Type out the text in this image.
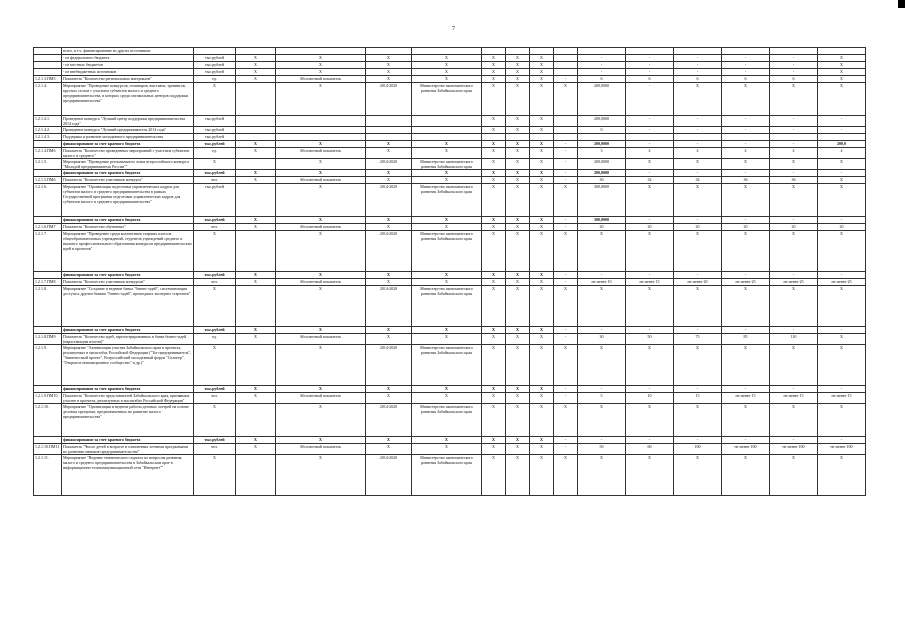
7
	всего, в т.ч. финансирование из других источников:															
	- из федерального бюджета	тыс.рублей	X	X	X	X	X	X	X		-	-	-	-	-	X
	- из местных бюджетов	тыс.рублей	X	X	X	X	X	X	X		-	-	-	-	-	X
	- из внебюджетных источников	тыс.рублей	X	X	X	X	X	X	X		-	-	-	-	-	X
1.2.1.3.ПМ5	Показатель "Количество региональных материалов"	ед.	X	Абсолютный показатель	X	X	X	X	X	-	6	6	6	6	6	X
1.2.1.4.	Мероприятие "Проведение конкурсов, семинаров, выставок, тренингов, круглых столов с участием субъектов малого и среднего предпринимательства, в которых среди оптимальных центров поддержки предпринимательства"	X		X	2014-2020	Министерство экономического развития Забайкальского края	X	X	X	X	200,0000	-	X	X	X	X
1.2.1.4.1.	Проведение конкурса "Лучший центр поддержки предпринимательства 2014 года"	тыс.рублей					X	X	X		200,0000	-	-	-	-	-
1.2.1.4.2.	Проведение конкурса "Лучший предприниматель 2014 года"	тыс.рублей					X	X	X		0	-	-	-	-	-
1.2.1.4.3.	Поддержка и развитие молодежного предпринимательства	тыс.рублей														
	финансирование за счет краевого бюджета	тыс.рублей	X	X	X	X	X	X	X	-	200,0000	-	-	-	-	200,0
1.2.1.4.ПМ6	Показатель "Количество проведенных мероприятий с участием субъектов малого и среднего"	ед.	X	Абсолютный показатель	X	X	X	X	X	-	3	4	4	4	4	4
1.2.1.5.	Мероприятие "Проведение регионального этапа всероссийского конкурса "Молодой предприниматель России""	X		X	2014-2020	Министерство экономического развития Забайкальского края	X	X	X	-	200,0000	X	X	X	X	X
	финансирование за счет краевого бюджета	тыс.рублей	X	X	X	X	X	X	X	-	200,0000	-	-	-	-	-
1.2.1.5.ПМ6	Показатель "Количество участников конкурса"	чел.	X	Абсолютный показатель	X	X	X	X	X	-	30	32	34	36	36	X
1.2.1.6.	Мероприятие "Организация подготовки управленческих кадров для субъектов малого и среднего предпринимательства в рамках Государственной программы подготовки управленческих кадров для субъектов малого и среднего предпринимательства"	тыс.рублей		X	2014-2020	Министерство экономического развития Забайкальского края	X	X	X	X	300,0000	X	X	X	X	X
	финансирование за счет краевого бюджета	тыс.рублей	X	X	X	X	X	X	X	-	300,0000	-	-	-	-	-
1.2.1.6.ПМ7	Показатель "Количество обученных"	чел.	X	Абсолютный показатель	X	X	X	X	X	-	20	20	20	20	20	20
1.2.1.7.	Мероприятие "Проведение среди коллективов старших классов общеобразовательных учреждений, студентов учреждений среднего и высшего профессионального образования конкурсов предпринимательских идей и проектов"	X		X	2014-2020	Министерство экономического развития Забайкальского края	X	X	X	X	X	X	X	X	X	X
	финансирование за счет краевого бюджета	тыс.рублей	X	X	X	X	X	X	X	-	-	-	-	-	-	-
1.2.1.7.ПМ8	Показатель "Количество участников конкурсов"	чел.	X	Абсолютный показатель	X	X	X	X	X	-	не менее 10	не менее 15	не менее 20	не менее 25	не менее 25	не менее 25
1.2.1.8.	Мероприятие "Создание и ведение банка "бизнес-идей", систематизация доступа к другим банкам "бизнес-идей", прошедших экспертиз стартапов"	X		X	2014-2020	Министерство экономического развития Забайкальского края	X	X	X	X	X	X	X	X	X	X
	финансирование за счет краевого бюджета	тыс.рублей	X	X	X	X	X	X	X	-	-	-	-	-	-	-
1.2.1.8.ПМ9	Показатель "Количество идей, зарегистрированных в банке бизнес-идей (нарастающим итогом)"	ед.	X	Абсолютный показатель	X	X	X	X	X	-	30	50	75	85	110	X
1.2.1.9.	Мероприятие "Активизация участия Забайкальского края в проектах, реализуемых в масштабах Российской Федерации ("Ты-предприниматель", "Знаменосный проект", Всероссийский молодежный форум "Селигер", "Открытое инновационное сообщество" и др.)"	X		X	2014-2020	Министерство экономического развития Забайкальского края	X	X	X	X	X	X	X	X	X	X
	финансирование за счет краевого бюджета	тыс.рублей	X	X	X	X	X	X	X	-	-	-	-	-	-	-
1.2.1.9.ПМ10	Показатель "Количество представителей Забайкальского края, принявших участие в проектах, реализуемых в масштабах Российской Федерации"	чел.	X	Абсолютный показатель	X	X	X	X	X	-	5	10	15	не менее 15	не менее 15	не менее 15
1.2.1.10.	Мероприятие "Организация и ведение работы деловых лотерей на основе деловых программ, предназначенных на развитие малого предпринимательства"	X		X	2014-2020	Министерство экономического развития Забайкальского края	X	X	X	X	X	X	X	X	X	X
	финансирование за счет краевого бюджета	тыс.рублей	X	X	X	X	X	X	X	-	-	-	-	-	-	-
1.2.1.10.ПМ11	Показатель "Число детей в возрасте и охваченных летними программами по развитию навыков предпринимательства"	чел.	X	Абсолютный показатель	X	X	X	X	X	-	50	60	100	не менее 100	не менее 100	не менее 100
1.2.1.11.	Мероприятие "Ведение тематического портала по вопросам развития малого и среднего предпринимательства в Забайкальском крае в информационно-телекоммуникационной сети "Интернет""	X		X	2014-2020	Министерство экономического развития Забайкальского края	X	X	X	X	X	X	X	X	X	X
